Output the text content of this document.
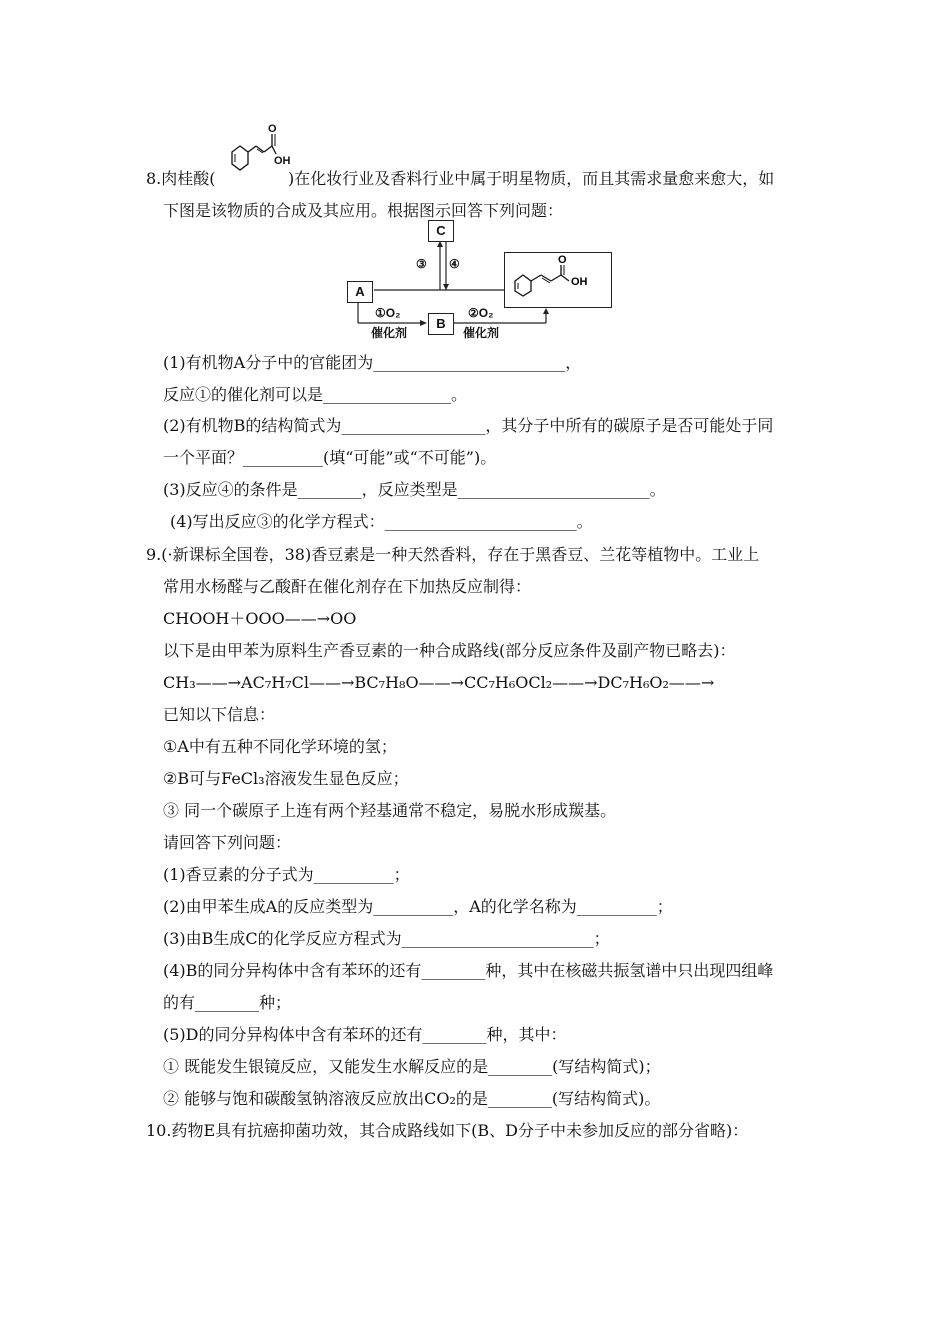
8.肉桂酸(
O
OH
)在化妆行业及香料行业中属于明星物质，而且其需求量愈来愈大，如
下图是该物质的合成及其应用。根据图示回答下列问题：
C
A
B
③ ④
①O₂
催化剂
②O₂
催化剂
O
OH
(1)有机物A分子中的官能团为________________________，
反应①的催化剂可以是________________。
(2)有机物B的结构简式为__________________，其分子中所有的碳原子是否可能处于同
一个平面？__________(填“可能”或“不可能”)。
(3)反应④的条件是________，反应类型是________________________。
(4)写出反应③的化学方程式：________________________。
9.(·新课标全国卷，38)香豆素是一种天然香料，存在于黑香豆、兰花等植物中。工业上
常用水杨醛与乙酸酐在催化剂存在下加热反应制得：
CHOOH＋OOO——→OO
以下是由甲苯为原料生产香豆素的一种合成路线(部分反应条件及副产物已略去)：
CH₃——→AC₇H₇Cl——→BC₇H₈O——→CC₇H₆OCl₂——→DC₇H₆O₂——→
已知以下信息：
①A中有五种不同化学环境的氢；
②B可与FeCl₃溶液发生显色反应；
③ 同一个碳原子上连有两个羟基通常不稳定，易脱水形成羰基。
请回答下列问题：
(1)香豆素的分子式为__________；
(2)由甲苯生成A的反应类型为__________，A的化学名称为__________；
(3)由B生成C的化学反应方程式为________________________；
(4)B的同分异构体中含有苯环的还有________种，其中在核磁共振氢谱中只出现四组峰
的有________种；
(5)D的同分异构体中含有苯环的还有________种，其中：
① 既能发生银镜反应，又能发生水解反应的是________(写结构简式)；
② 能够与饱和碳酸氢钠溶液反应放出CO₂的是________(写结构简式)。
10.药物E具有抗癌抑菌功效，其合成路线如下(B、D分子中未参加反应的部分省略)：
